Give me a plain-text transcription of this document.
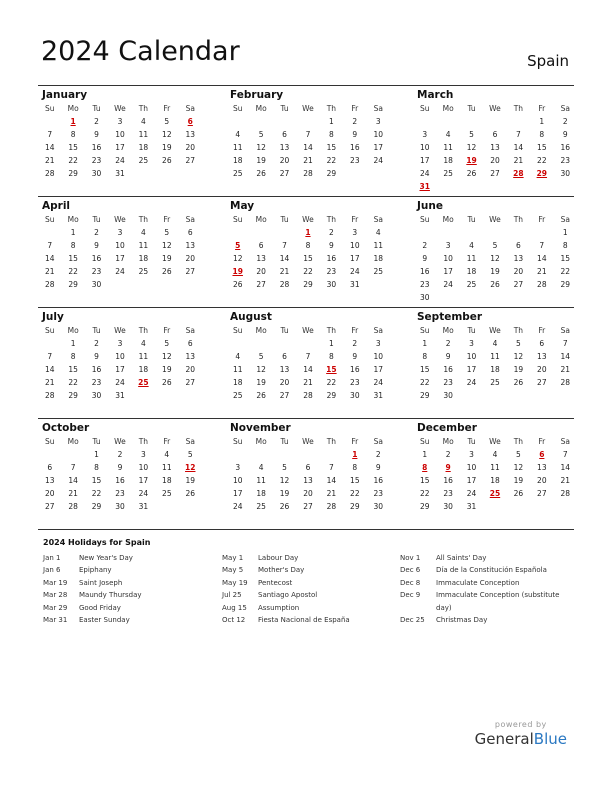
2024 Calendar	Spain
January
Su	Mo	Tu	We	Th	Fr	Sa
	1	2	3	4	5	6
7	8	9	10	11	12	13
14	15	16	17	18	19	20
21	22	23	24	25	26	27
28	29	30	31			
February
Su	Mo	Tu	We	Th	Fr	Sa
				1	2	3
4	5	6	7	8	9	10
11	12	13	14	15	16	17
18	19	20	21	22	23	24
25	26	27	28	29		
March
Su	Mo	Tu	We	Th	Fr	Sa
					1	2
3	4	5	6	7	8	9
10	11	12	13	14	15	16
17	18	19	20	21	22	23
24	25	26	27	28	29	30
31						
April
Su	Mo	Tu	We	Th	Fr	Sa
	1	2	3	4	5	6
7	8	9	10	11	12	13
14	15	16	17	18	19	20
21	22	23	24	25	26	27
28	29	30				
May
Su	Mo	Tu	We	Th	Fr	Sa
			1	2	3	4
5	6	7	8	9	10	11
12	13	14	15	16	17	18
19	20	21	22	23	24	25
26	27	28	29	30	31	
June
Su	Mo	Tu	We	Th	Fr	Sa
						1
2	3	4	5	6	7	8
9	10	11	12	13	14	15
16	17	18	19	20	21	22
23	24	25	26	27	28	29
30						
July
Su	Mo	Tu	We	Th	Fr	Sa
	1	2	3	4	5	6
7	8	9	10	11	12	13
14	15	16	17	18	19	20
21	22	23	24	25	26	27
28	29	30	31			
August
Su	Mo	Tu	We	Th	Fr	Sa
				1	2	3
4	5	6	7	8	9	10
11	12	13	14	15	16	17
18	19	20	21	22	23	24
25	26	27	28	29	30	31
September
Su	Mo	Tu	We	Th	Fr	Sa
1	2	3	4	5	6	7
8	9	10	11	12	13	14
15	16	17	18	19	20	21
22	23	24	25	26	27	28
29	30					
October
Su	Mo	Tu	We	Th	Fr	Sa
		1	2	3	4	5
6	7	8	9	10	11	12
13	14	15	16	17	18	19
20	21	22	23	24	25	26
27	28	29	30	31		
November
Su	Mo	Tu	We	Th	Fr	Sa
					1	2
3	4	5	6	7	8	9
10	11	12	13	14	15	16
17	18	19	20	21	22	23
24	25	26	27	28	29	30
December
Su	Mo	Tu	We	Th	Fr	Sa
1	2	3	4	5	6	7
8	9	10	11	12	13	14
15	16	17	18	19	20	21
22	23	24	25	26	27	28
29	30	31				
2024 Holidays for Spain
Jan 1	New Year's Day
Jan 6	Epiphany
Mar 19	Saint Joseph
Mar 28	Maundy Thursday
Mar 29	Good Friday
Mar 31	Easter Sunday
May 1	Labour Day
May 5	Mother's Day
May 19	Pentecost
Jul 25	Santiago Apostol
Aug 15	Assumption
Oct 12	Fiesta Nacional de España
Nov 1	All Saints' Day
Dec 6	Día de la Constitución Española
Dec 8	Immaculate Conception
Dec 9	Immaculate Conception (substitute day)
Dec 25	Christmas Day
powered by
GeneralBlue
